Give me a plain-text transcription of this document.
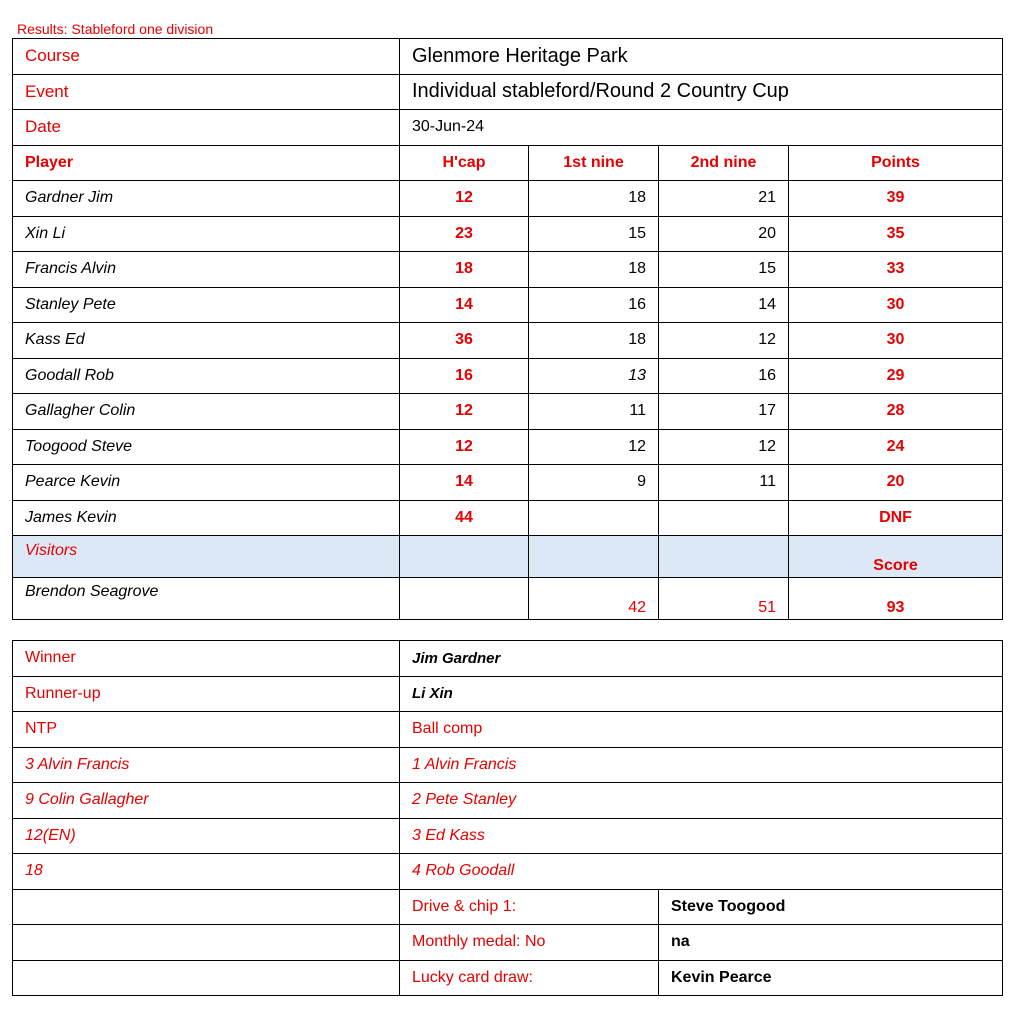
Results: Stableford one division
Course	Glenmore Heritage Park			
Event	Individual stableford/Round 2 Country Cup			
Date	30-Jun-24			
Player	H'cap	1st nine	2nd nine	Points
Gardner Jim	12	18	21	39
Xin Li	23	15	20	35
Francis Alvin	18	18	15	33
Stanley Pete	14	16	14	30
Kass Ed	36	18	12	30
Goodall Rob	16	13	16	29
Gallagher Colin	12	11	17	28
Toogood Steve	12	12	12	24
Pearce Kevin	14	9	11	20
James Kevin	44			DNF
Visitors				Score
Brendon Seagrove		42	51	93
Winner	Jim Gardner	
Runner-up	Li Xin	
NTP	Ball comp	
3 Alvin Francis	1 Alvin Francis	
9 Colin Gallagher	2 Pete Stanley	
12(EN)	3 Ed Kass	
18	4 Rob Goodall	
	Drive & chip 1:	Steve Toogood
	Monthly medal: No	na
	Lucky card draw:	Kevin Pearce
